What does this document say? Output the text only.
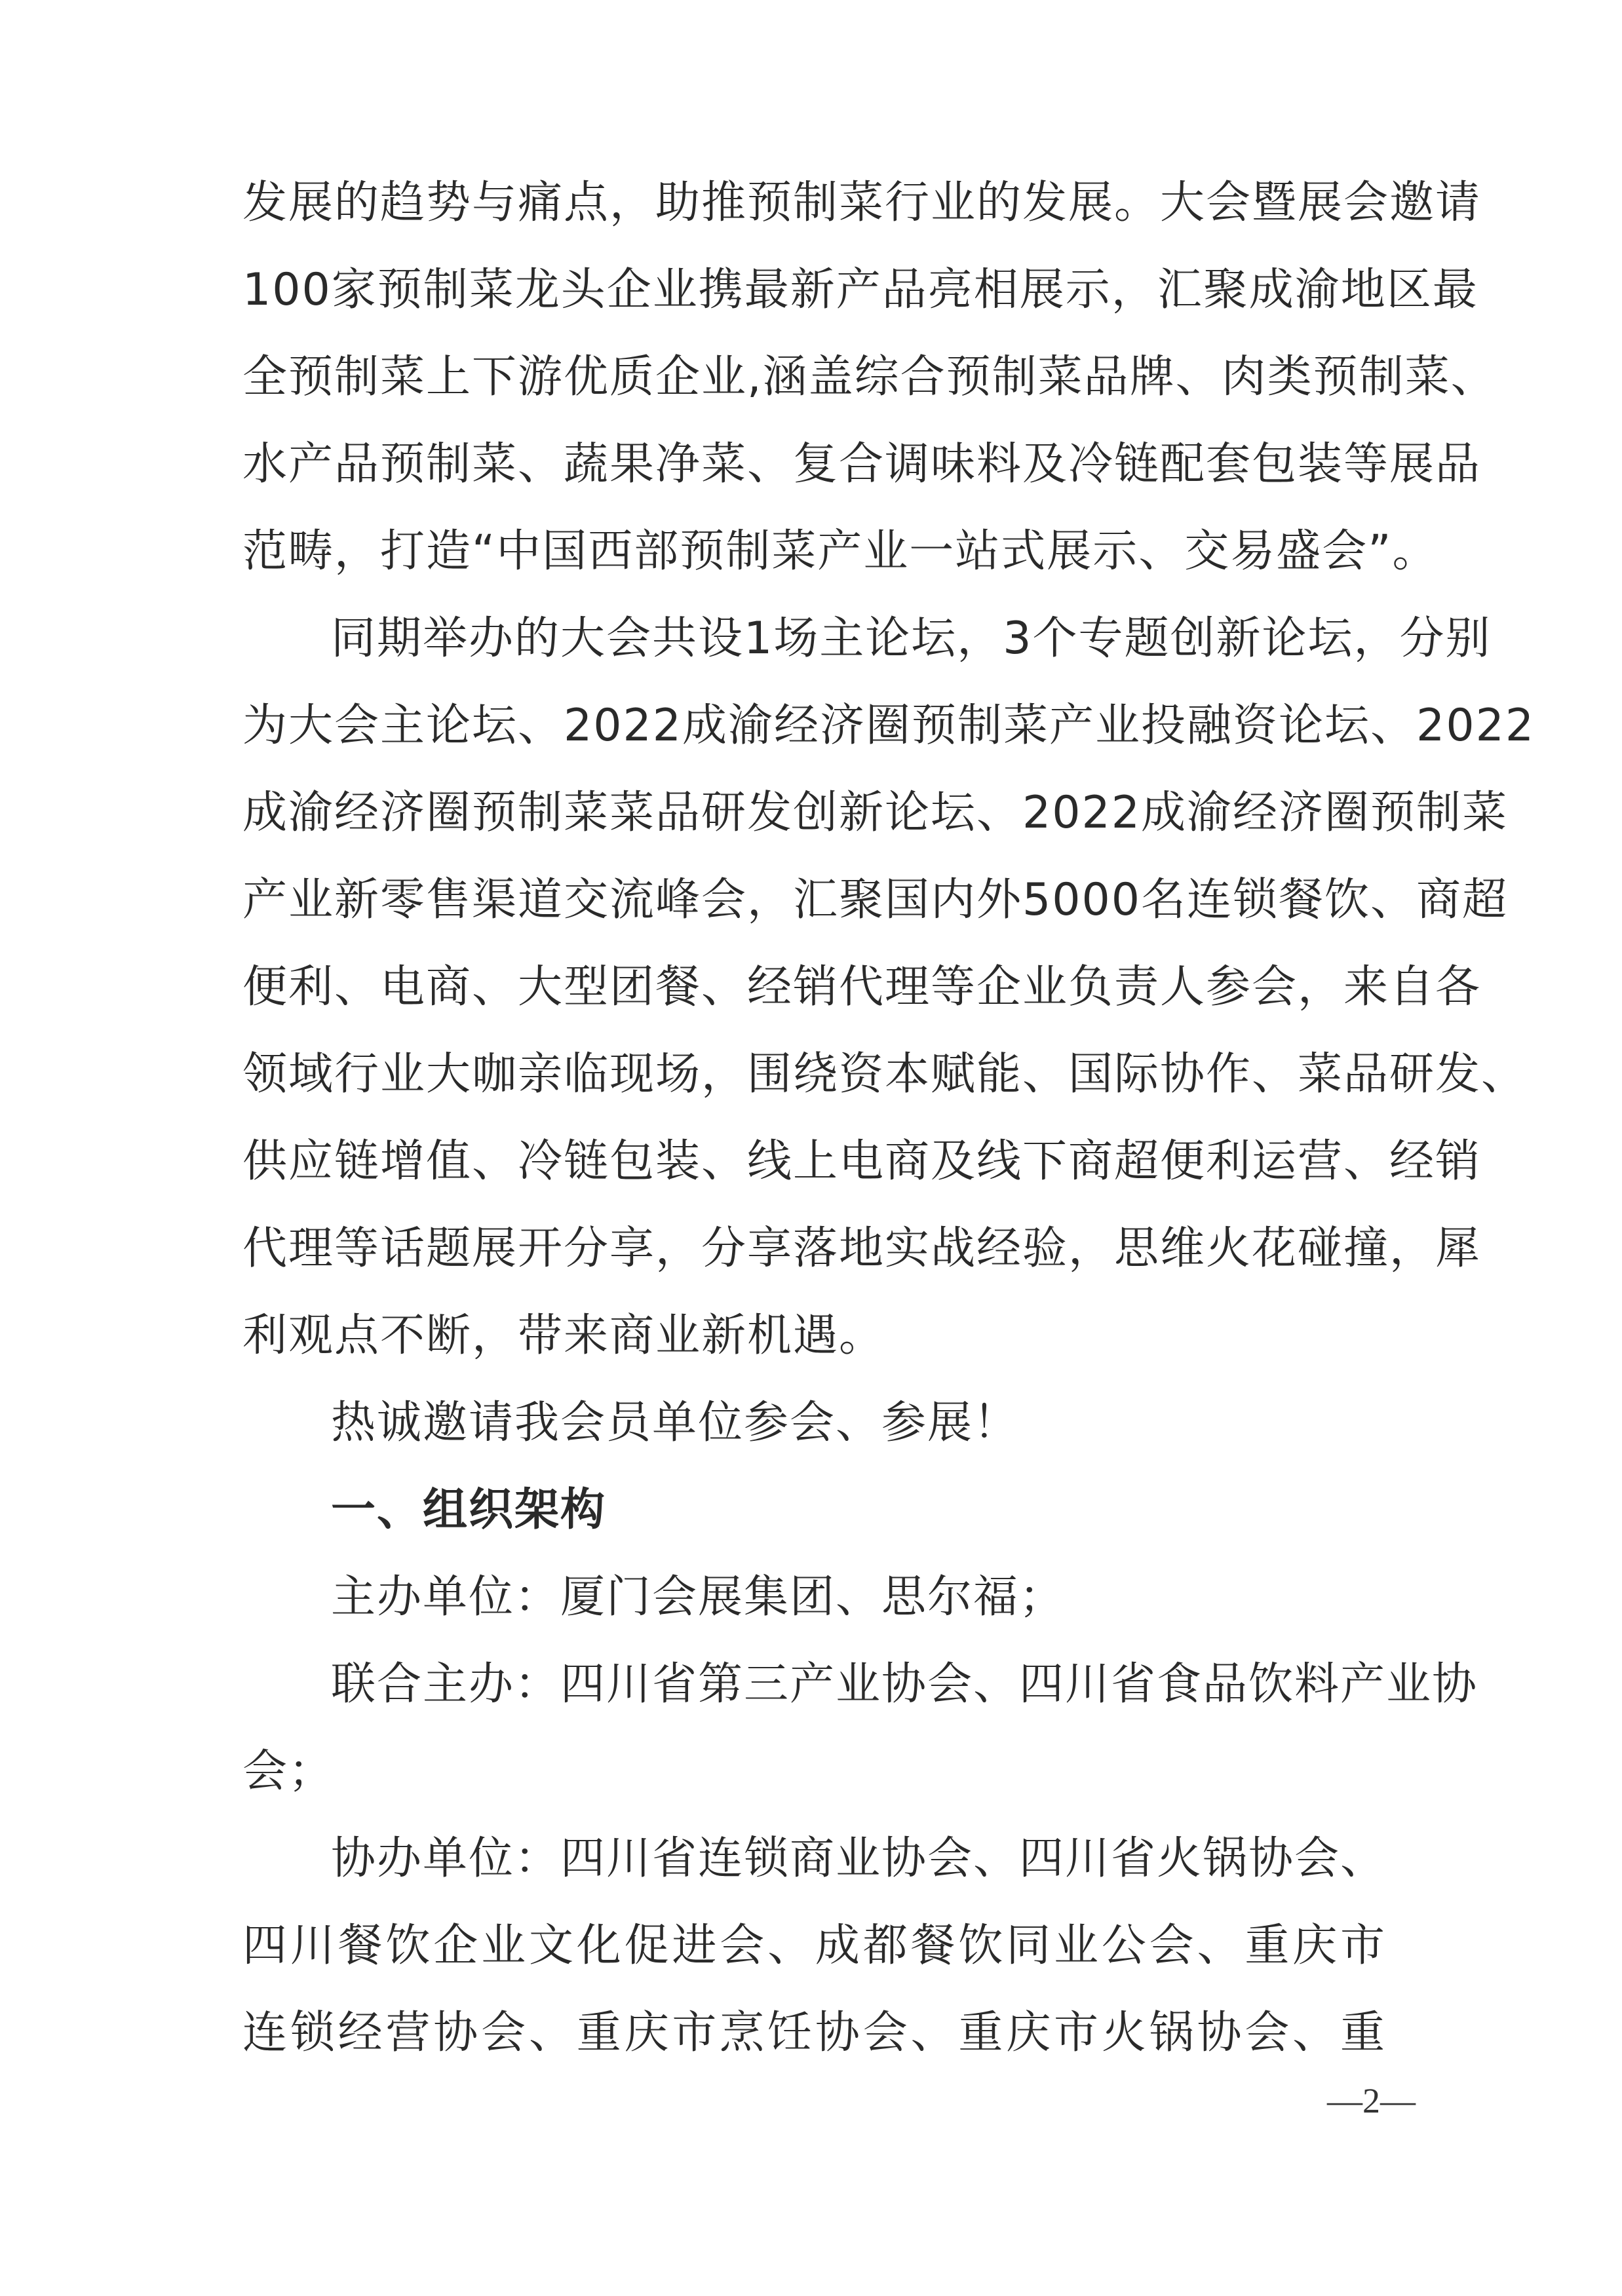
发展的趋势与痛点，助推预制菜行业的发展。大会暨展会邀请
100家预制菜龙头企业携最新产品亮相展示，汇聚成渝地区最
全预制菜上下游优质企业,涵盖综合预制菜品牌、肉类预制菜、
水产品预制菜、蔬果净菜、复合调味料及冷链配套包装等展品
范畴，打造“中国西部预制菜产业一站式展示、交易盛会”。
同期举办的大会共设1场主论坛，3个专题创新论坛，分别
为大会主论坛、2022成渝经济圈预制菜产业投融资论坛、2022
成渝经济圈预制菜菜品研发创新论坛、2022成渝经济圈预制菜
产业新零售渠道交流峰会，汇聚国内外5000名连锁餐饮、商超
便利、电商、大型团餐、经销代理等企业负责人参会，来自各
领域行业大咖亲临现场，围绕资本赋能、国际协作、菜品研发、
供应链增值、冷链包装、线上电商及线下商超便利运营、经销
代理等话题展开分享，分享落地实战经验，思维火花碰撞，犀
利观点不断，带来商业新机遇。
热诚邀请我会员单位参会、参展！
一、组织架构
主办单位：厦门会展集团、思尔福；
联合主办：四川省第三产业协会、四川省食品饮料产业协
会；
协办单位：四川省连锁商业协会、四川省火锅协会、
四川餐饮企业文化促进会、成都餐饮同业公会、重庆市
连锁经营协会、重庆市烹饪协会、重庆市火锅协会、重
—2—
